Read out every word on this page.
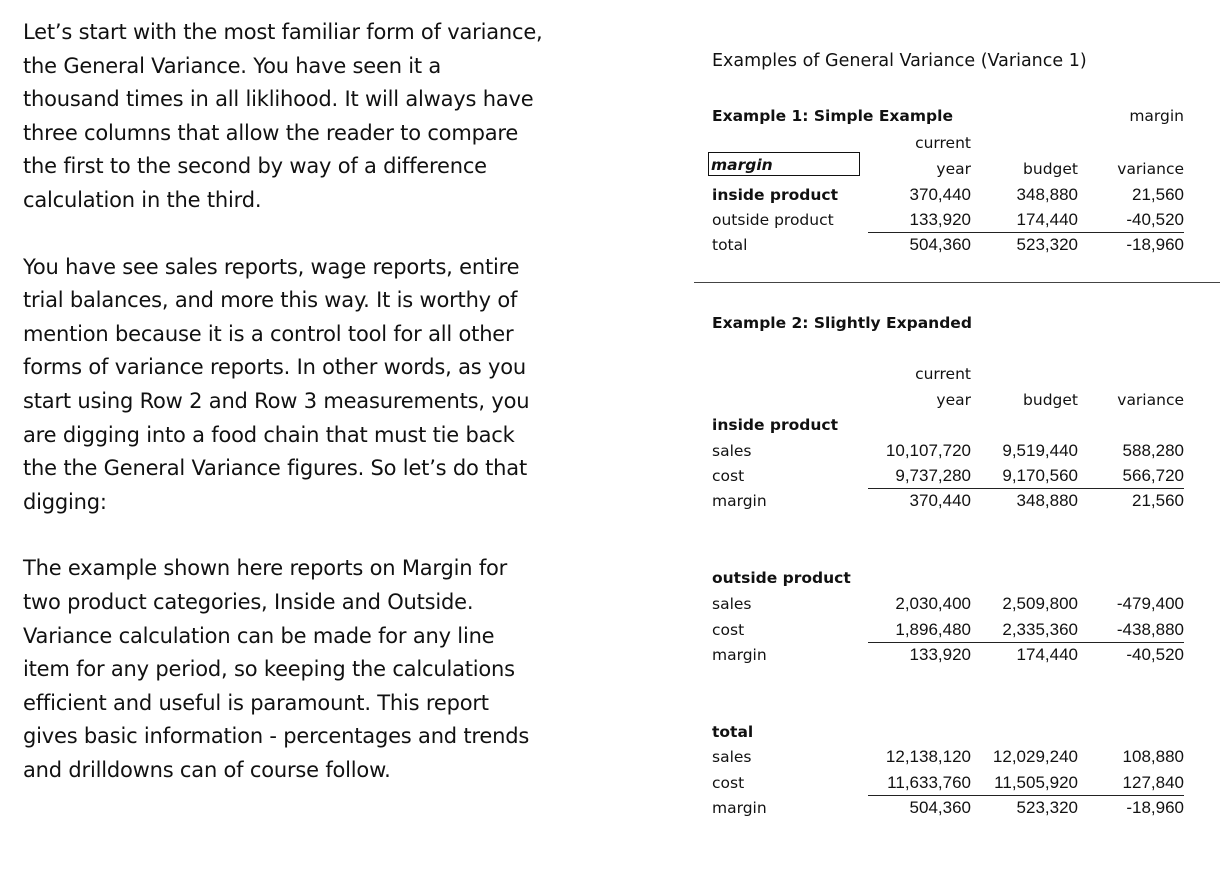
Let’s start with the most familiar form of variance, the General Variance. You have seen it a thousand times in all liklihood. It will always have three columns that allow the reader to compare the first to the second by way of a difference calculation in the third.

You have see sales reports, wage reports, entire trial balances, and more this way. It is worthy of mention because it is a control tool for all other forms of variance reports. In other words, as you start using Row 2 and Row 3 measurements, you are digging into a food chain that must tie back the the General Variance figures. So let’s do that digging:

The example shown here reports on Margin for two product categories, Inside and Outside. Variance calculation can be made for any line item for any period, so keeping the calculations efficient and useful is paramount. This report gives basic information - percentages and trends and drilldowns can of course follow.

Examples of General Variance (Variance 1)
Example 1: Simple Example	margin
current
margin	year	budget	variance
inside product	370,440	348,880	21,560
outside product	133,920	174,440	-40,520
total	504,360	523,320	-18,960
Example 2: Slightly Expanded
current
year	budget	variance
inside product
sales	10,107,720	9,519,440	588,280
cost	9,737,280	9,170,560	566,720
margin	370,440	348,880	21,560
outside product
sales	2,030,400	2,509,800	-479,400
cost	1,896,480	2,335,360	-438,880
margin	133,920	174,440	-40,520
total
sales	12,138,120	12,029,240	108,880
cost	11,633,760	11,505,920	127,840
margin	504,360	523,320	-18,960
